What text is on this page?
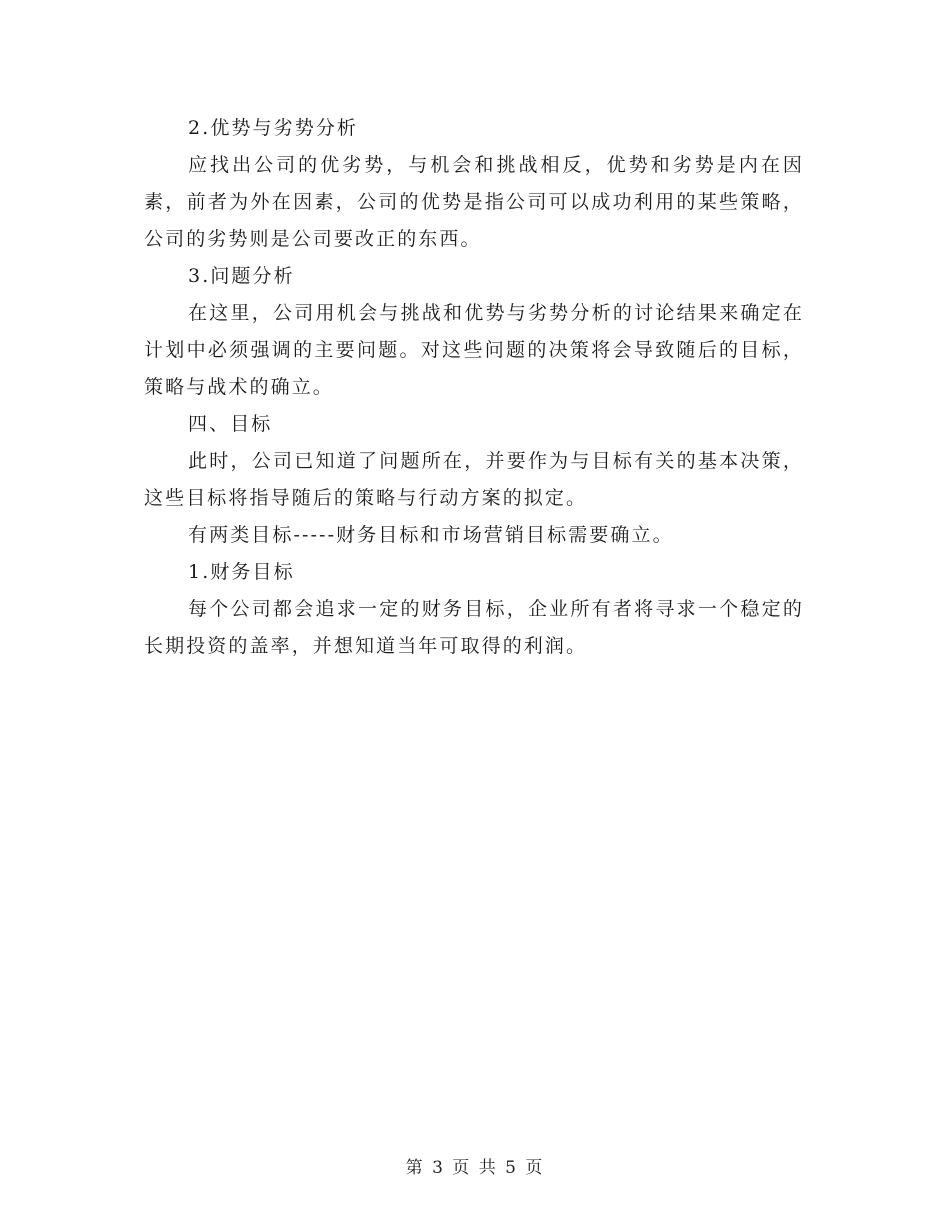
2.优势与劣势分析

应找出公司的优劣势，与机会和挑战相反，优势和劣势是内在因素，前者为外在因素，公司的优势是指公司可以成功利用的某些策略，公司的劣势则是公司要改正的东西。

3.问题分析

在这里，公司用机会与挑战和优势与劣势分析的讨论结果来确定在计划中必须强调的主要问题。对这些问题的决策将会导致随后的目标，策略与战术的确立。

四、目标

此时，公司已知道了问题所在，并要作为与目标有关的基本决策，这些目标将指导随后的策略与行动方案的拟定。

有两类目标-----财务目标和市场营销目标需要确立。

1.财务目标

每个公司都会追求一定的财务目标，企业所有者将寻求一个稳定的长期投资的盖率，并想知道当年可取得的利润。

第 3 页 共 5 页
